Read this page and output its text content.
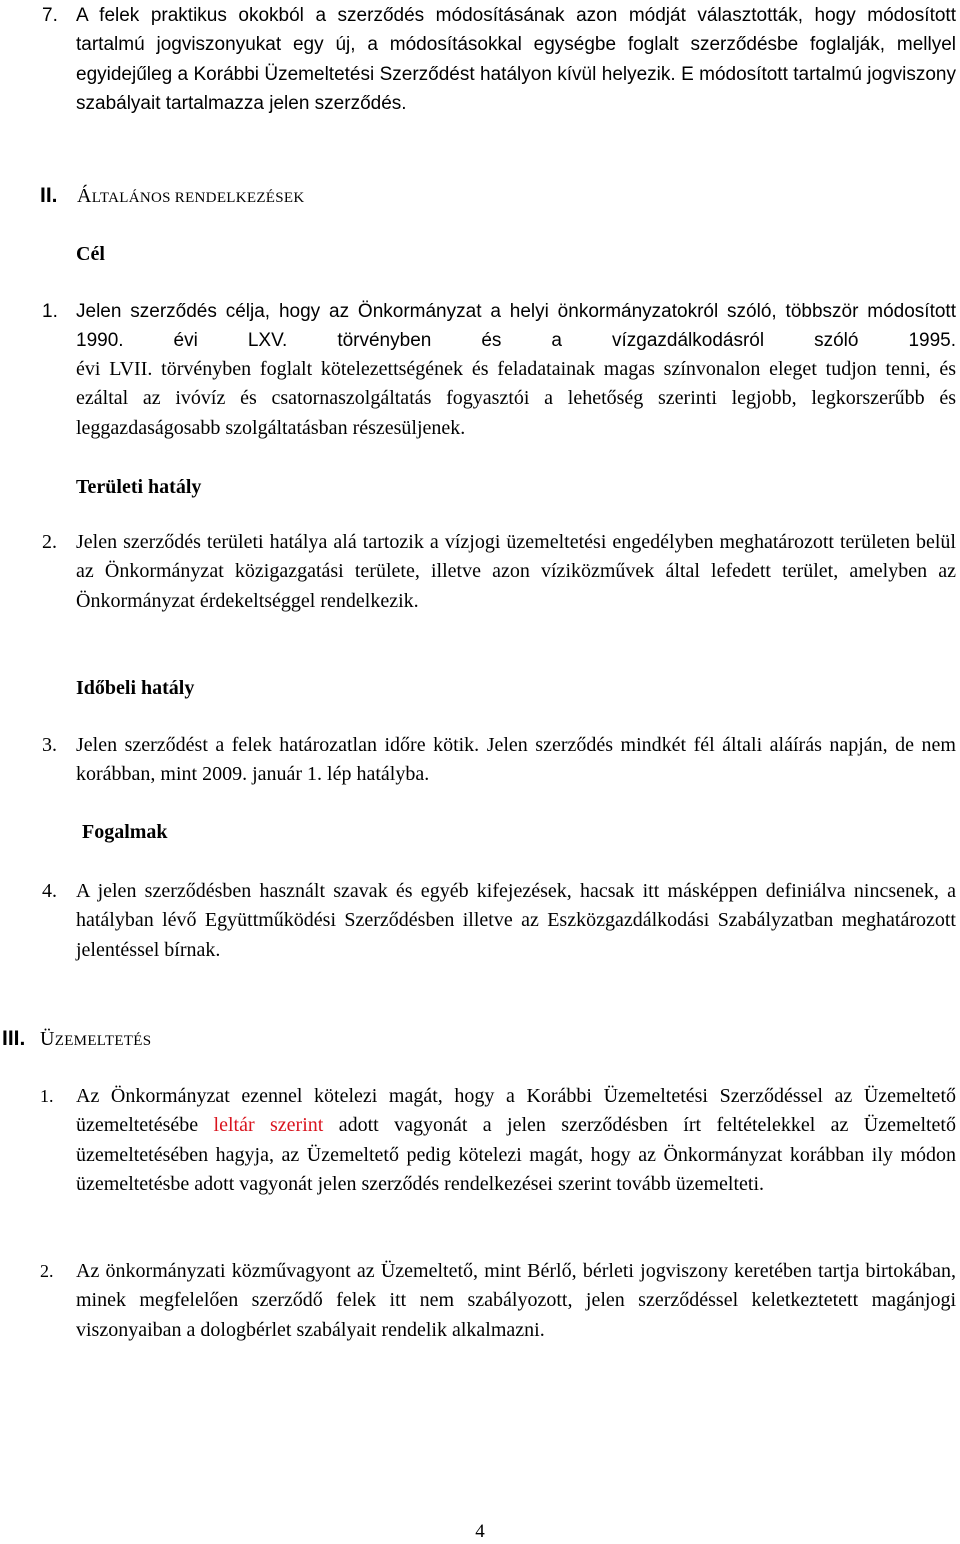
7. A felek praktikus okokból a szerződés módosításának azon módját választották, hogy módosított tartalmú jogviszonyukat egy új, a módosításokkal egységbe foglalt szerződésbe foglalják, mellyel egyidejűleg a Korábbi Üzemeltetési Szerződést hatályon kívül helyezik. E módosított tartalmú jogviszony szabályait tartalmazza jelen szerződés.
II. ÁLTALÁNOS RENDELKEZÉSEK
Cél
1. Jelen szerződés célja, hogy az Önkormányzat a helyi önkormányzatokról szóló, többször módosított 1990. évi LXV. törvényben és a vízgazdálkodásról szóló 1995.
évi LVII. törvényben foglalt kötelezettségének és feladatainak magas színvonalon eleget tudjon tenni, és ezáltal az ivóvíz és csatornaszolgáltatás fogyasztói a lehetőség szerinti legjobb, legkorszerűbb és leggazdaságosabb szolgáltatásban részesüljenek.
Területi hatály
2. Jelen szerződés területi hatálya alá tartozik a vízjogi üzemeltetési engedélyben meghatározott területen belül az Önkormányzat közigazgatási területe, illetve azon víziközművek által lefedett terület, amelyben az Önkormányzat érdekeltséggel rendelkezik.
Időbeli hatály
3. Jelen szerződést a felek határozatlan időre kötik. Jelen szerződés mindkét fél általi aláírás napján, de nem korábban, mint 2009. január 1. lép hatályba.
Fogalmak
4. A jelen szerződésben használt szavak és egyéb kifejezések, hacsak itt másképpen definiálva nincsenek, a hatályban lévő Együttműködési Szerződésben illetve az Eszközgazdálkodási Szabályzatban meghatározott jelentéssel bírnak.
III. ÜZEMELTETÉS
1. Az Önkormányzat ezennel kötelezi magát, hogy a Korábbi Üzemeltetési Szerződéssel az Üzemeltető üzemeltetésébe leltár szerint adott vagyonát a jelen szerződésben írt feltételekkel az Üzemeltető üzemeltetésében hagyja, az Üzemeltető pedig kötelezi magát, hogy az Önkormányzat korábban ily módon üzemeltetésbe adott vagyonát jelen szerződés rendelkezései szerint tovább üzemelteti.
2. Az önkormányzati közművagyont az Üzemeltető, mint Bérlő, bérleti jogviszony keretében tartja birtokában, minek megfelelően szerződő felek itt nem szabályozott, jelen szerződéssel keletkeztetett magánjogi viszonyaiban a dologbérlet szabályait rendelik alkalmazni.
4
